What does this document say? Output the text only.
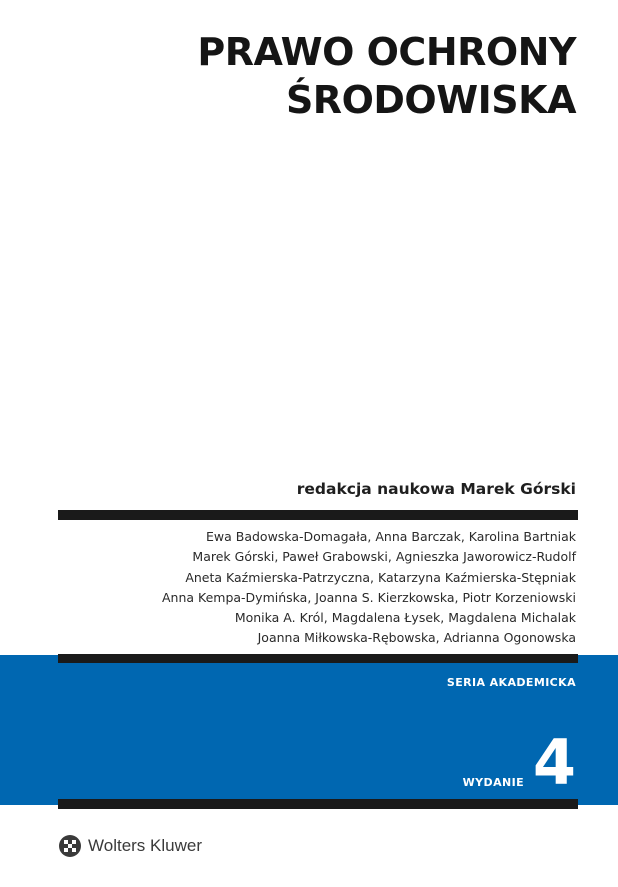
PRAWO OCHRONY
ŚRODOWISKA
redakcja naukowa Marek Górski
Ewa Badowska-Domagała, Anna Barczak, Karolina Bartniak
Marek Górski, Paweł Grabowski, Agnieszka Jaworowicz-Rudolf
Aneta Kaźmierska-Patrzyczna, Katarzyna Kaźmierska-Stępniak
Anna Kempa-Dymińska, Joanna S. Kierzkowska, Piotr Korzeniowski
Monika A. Król, Magdalena Łysek, Magdalena Michalak
Joanna Miłkowska-Rębowska, Adrianna Ogonowska
SERIA AKADEMICKA
WYDANIE 4
Wolters Kluwer
